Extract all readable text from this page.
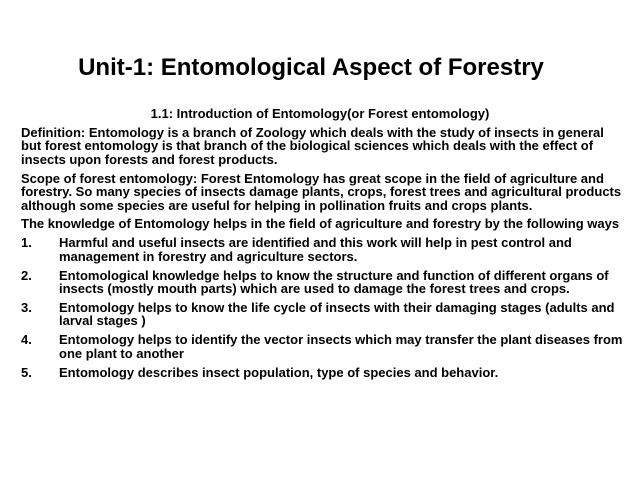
Unit-1: Entomological Aspect of Forestry
1.1: Introduction of Entomology(or Forest entomology)

Definition: Entomology is a branch of Zoology which deals with the study of insects in general but forest entomology is that branch of the biological sciences which deals with the effect of insects upon forests and forest products.

Scope of forest entomology: Forest Entomology has great scope in the field of agriculture and forestry. So many species of insects damage plants, crops, forest trees and agricultural products although some species are useful for helping in pollination fruits and crops plants.

The knowledge of Entomology helps in the field of agriculture and forestry by the following ways

1.	Harmful and useful insects are identified and this work will help in pest control and management in forestry and agriculture sectors.
2.	Entomological knowledge helps to know the structure and function of different organs of insects (mostly mouth parts) which are used to damage the forest trees and crops.
3.	Entomology helps to know the life cycle of insects with their damaging stages (adults and larval stages )
4.	Entomology helps to identify the vector insects which may transfer the plant diseases from one plant to another
5.	Entomology describes insect population, type of species and behavior.
